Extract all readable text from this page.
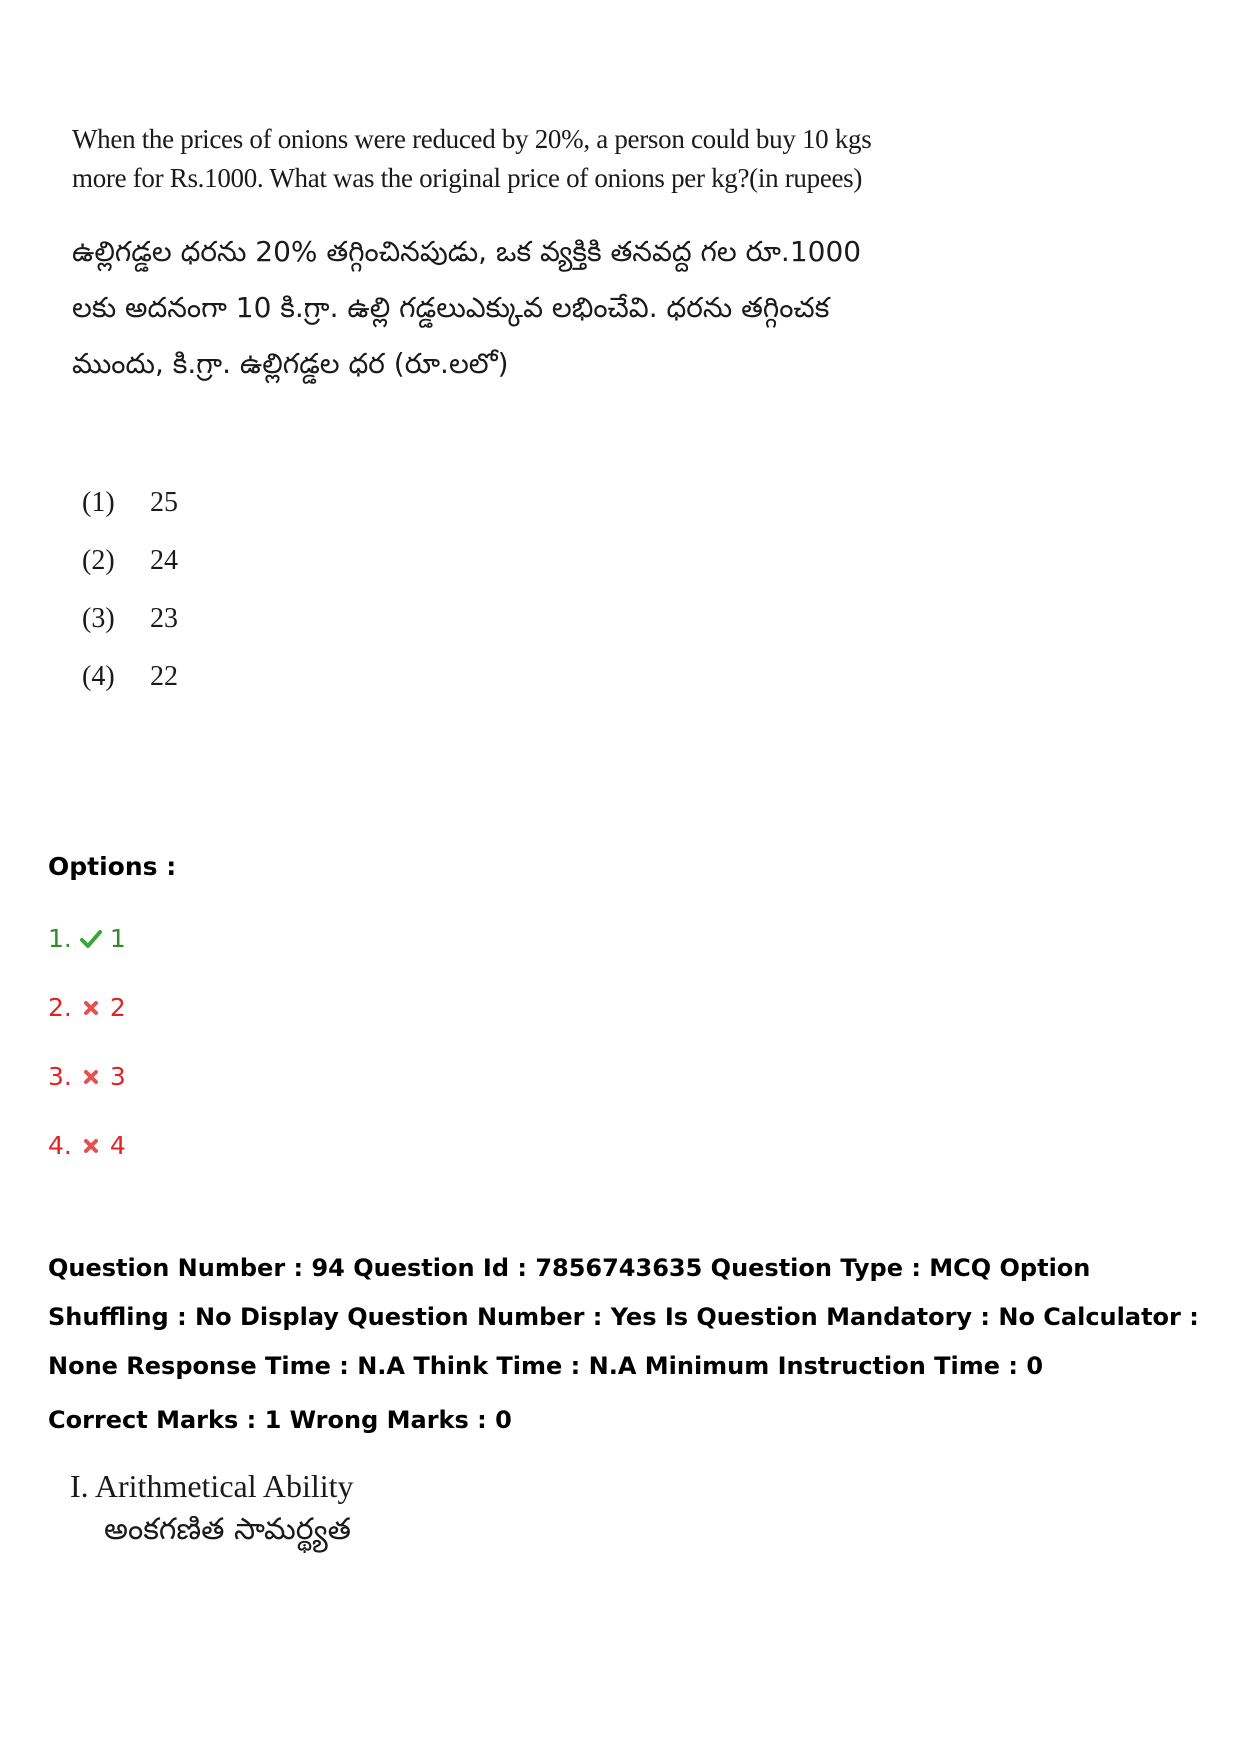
When the prices of onions were reduced by 20%, a person could buy 10 kgs more for Rs.1000. What was the original price of onions per kg?(in rupees)

ఉల్లిగడ్డల ధరను 20% తగ్గించినపుడు, ఒక వ్యక్తికి తనవద్ద గల రూ.1000 లకు అదనంగా 10 కి.గ్రా. ఉల్లి గడ్డలుఎక్కువ లభించేవి. ధరను తగ్గించక ముందు, కి.గ్రా. ఉల్లిగడ్డల ధర (రూ.లలో)

(1)	25
(2)	24
(3)	23
(4)	22

Options :

1. 1
2. 2
3. 3
4. 4

Question Number : 94 Question Id : 7856743635 Question Type : MCQ Option Shuffling : No Display Question Number : Yes Is Question Mandatory : No Calculator : None Response Time : N.A Think Time : N.A Minimum Instruction Time : 0

Correct Marks : 1 Wrong Marks : 0

I. Arithmetical Ability

అంకగణిత సామర్థ్యత
